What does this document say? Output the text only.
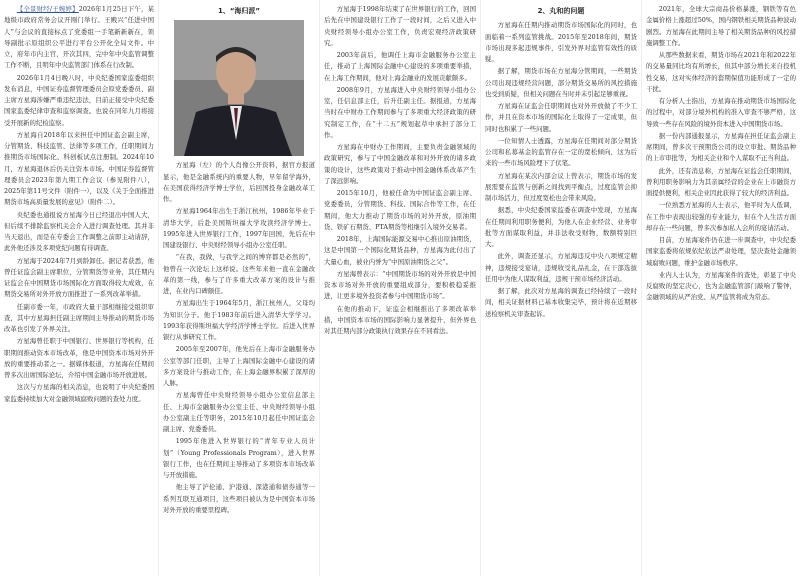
【全景财经/王婉婷】2026年1月25日下午，某地级市政府常务会议开刚门举行。王殿兴“任进中国人”与会议的直接标点了党委组一手笔新新新在，领导副批示原组织公平进行平台公开化全局文件。中立，府年市内主官，开次其四，完中年中央监管调整工作不断，且明年中央监管部门体系在行改制。

2026年1月4日晚八时，中央纪委国家监委组织发布消息，中国证券监督管理委员会原党委委员、副主席方星海涉嫌严重违纪违法，目前正接受中央纪委国家监委纪律审查和监察调查。也说在同年九月将接受开展新的纪检监察。

方星海自2018年以来担任中国证监会副主席，分管期货、科技监管、法律等多项工作，任职期间力推期货市场国际化、科创板试点注册制。2024年10月，方星海退休后仍关注资本市场。中国证券监督管理委员会2023年第九期工作会议（参见附件八），2025年第11号文件（附件一），以及《关于全面推进期货市场高质量发展的意见》（附件二）。

央纪委也通报说方星海今日已经退出中国人大，但后续不排除监察机关会介入进行调查处理。其并非当天退出，而是在专委会工作调整之前即主动请辞，此外他还涉及多项党纪问题有待调查。

方星海于2024年7月到龄卸任。据记者获悉，他曾任证监会副主席职位，分管期货等业务，其任期内证监会在中国期货市场国际化方面取得较大成效，在期货交易所对外开放方面推进了一系列改革举措。

任副市委一年，市政府大量干部相继接受组织审查，其中方星海担任副主席期间主导推动的期货市场改革也引发了外界关注。

方星海曾任职于中国银行、世界银行等机构，任职期间推动资本市场改革，他是中国资本市场对外开放的重要推动者之一。据媒体报道，方星海在任期间曾多次出席国际论坛，介绍中国金融市场开放进展。

这次与方星海的相关消息，也说明了中央纪委国家监委持续加大对金融领域腐败问题的查处力度。

1、“海归派”

方星海（左）的个人肖像公开资料，据官方报道显示，他是金融系统内的重要人物，早年留学海外，在美国获得经济学博士学位，后回国投身金融改革工作。

方星海1964年出生于浙江杭州，1986年毕业于清华大学，后赴美国斯坦福大学攻读经济学博士。1995年进入世界银行工作，1997年回国，先后在中国建设银行、中央财经领导小组办公室任职。

“在我，我做，与我学之间的博弈都是必然的”，他曾在一次论坛上这样说。这些年来他一直在金融改革的第一线，参与了许多重大改革方案的设计与推进，在业内口碑颇佳。

方星海出生于1964年5月，浙江杭州人，父母均为知识分子。他于1983年前后进入清华大学学习。1993年获得斯坦福大学经济学博士学位。后进入世界银行从事研究工作。

2005年至2007年，他先后在上海市金融服务办公室等部门任职，主导了上海国际金融中心建设的诸多方案设计与推动工作，在上海金融界积累了深厚的人脉。

方星海曾任中央财经领导小组办公室信息部主任、上海市金融服务办公室主任、中央财经领导小组办公室副主任等职务，2015年10月起任中国证监会副主席、党委委员。

1995年他进入世界银行的“青年专业人员计划”（Young Professionals Program），进入世界银行工作，也在任期间主导推动了多项资本市场改革与开放措施。

他主导了沪伦通、沪港通、深港通和债券通等一系列互联互通项目，这些项目被认为是中国资本市场对外开放的重要里程碑。

方星海于1998年结束了在世界银行的工作，回国后先在中国建设银行工作了一段时间，之后又进入中央财经领导小组办公室工作，负责宏观经济政策研究。

2003年前后，他调任上海市金融服务办公室主任，推动了上海国际金融中心建设的多项重要举措，在上海工作期间，他对上海金融业的发展贡献颇多。

2008年9月，方星海进入中央财经领导小组办公室，任信息部主任，后升任副主任。据报道，方星海当时在中财办工作期间参与了多项重大经济政策的研究制定工作，在“十二五”规划起草中承担了部分工作。

方星海在中财办工作期间，主要负责金融领域的政策研究，参与了中国金融改革和对外开放的诸多政策的设计，这些政策对于推动中国金融体系改革产生了深远影响。

2015年10月，他被任命为中国证监会副主席、党委委员，分管期货、科技、国际合作等工作，在任期间，他大力推动了期货市场的对外开放，原油期货、铁矿石期货、PTA期货等相继引入境外交易者。

2018年，上海国际能源交易中心推出原油期货，这是中国第一个国际化期货品种，方星海为此付出了大量心血，被业内誉为“中国原油期货之父”。

方星海曾表示：“中国期货市场的对外开放是中国资本市场对外开放的重要组成部分，要积极稳妥推进，让更多境外投资者参与中国期货市场”。

在他的推动下，证监会相继推出了多项改革举措，中国资本市场的国际影响力显著提升，但外界也对其任期内部分政策执行效果存在不同看法。

2、丸和的问题

方星海在任期内推动期货市场国际化的同时，也面临着一系列监管挑战。2015年至2018年间，期货市场出现多起违规事件，引发外界对监管有效性的质疑。

据了解，期货市场在方星海分管期间，一些期货公司出现违规经营问题，部分期货交易所的风控措施也受到质疑，但相关问题在当时并未引起足够重视。

方星海在证监会任职期间也对外开放做了不少工作，并且在资本市场的国际化上取得了一定成果，但同时也积累了一些问题。

一位知情人士透露，方星海在任期间对部分期货公司和私募基金的监管存在一定的宽松倾向，这为后来的一些市场风险埋下了伏笔。

方星海在某次内部会议上曾表示，期货市场的发展需要在监管与创新之间找到平衡点，过度监管会抑制市场活力，但过度宽松也会带来风险。

据悉，中央纪委国家监委在调查中发现，方星海在任期间利用职务便利，为他人在企业经营、业务审批等方面谋取利益，并非法收受财物，数额特别巨大。

此外，调查还显示，方星海违反中央八项规定精神，违规接受宴请，违规收受礼品礼金，在干部选拔任用中为他人谋取利益，违规干预市场经济活动。

据了解，此次对方星海的调查已经持续了一段时间，相关证据材料已基本收集完毕，预计将在近期移送检察机关审查起诉。

2021年，全球大宗商品价格暴涨，钢铁等有色金属价格上涨超过50%，国内钢铁相关期货品种波动剧烈。方星海在此期间主导了相关期货品种的风控措施调整工作。

从那些数据来看，期货市场在2021年和2022年的交易量同比均有所增长，但其中部分增长来自投机性交易，这对实体经济的套期保值功能形成了一定的干扰。

有分析人士指出，方星海在推动期货市场国际化的过程中，对部分境外机构的准入审查不够严格，这导致一些存在风险的境外资本进入中国期货市场。

据一份内部通报显示，方星海在担任证监会副主席期间，曾多次干预期货公司的设立审批、期货品种的上市审批等，为相关企业和个人谋取不正当利益。

此外，还有消息称，方星海在证监会任职期间，曾利用职务影响力为其亲属经营的企业在上市融资方面提供便利，相关企业因此获得了较大的经济利益。

一位熟悉方星海的人士表示，他平时为人低调，在工作中表现出较强的专业能力，但在个人生活方面却存在一些问题，曾多次参加私人会所的宴请活动。

目前，方星海案件仍在进一步调查中，中央纪委国家监委将依规依纪依法严肃处理，坚决查处金融领域腐败问题，维护金融市场秩序。

业内人士认为，方星海案件的查处，彰显了中央反腐败的坚定决心，也为金融监管部门敲响了警钟，金融领域的从严治党、从严监管将成为常态。
